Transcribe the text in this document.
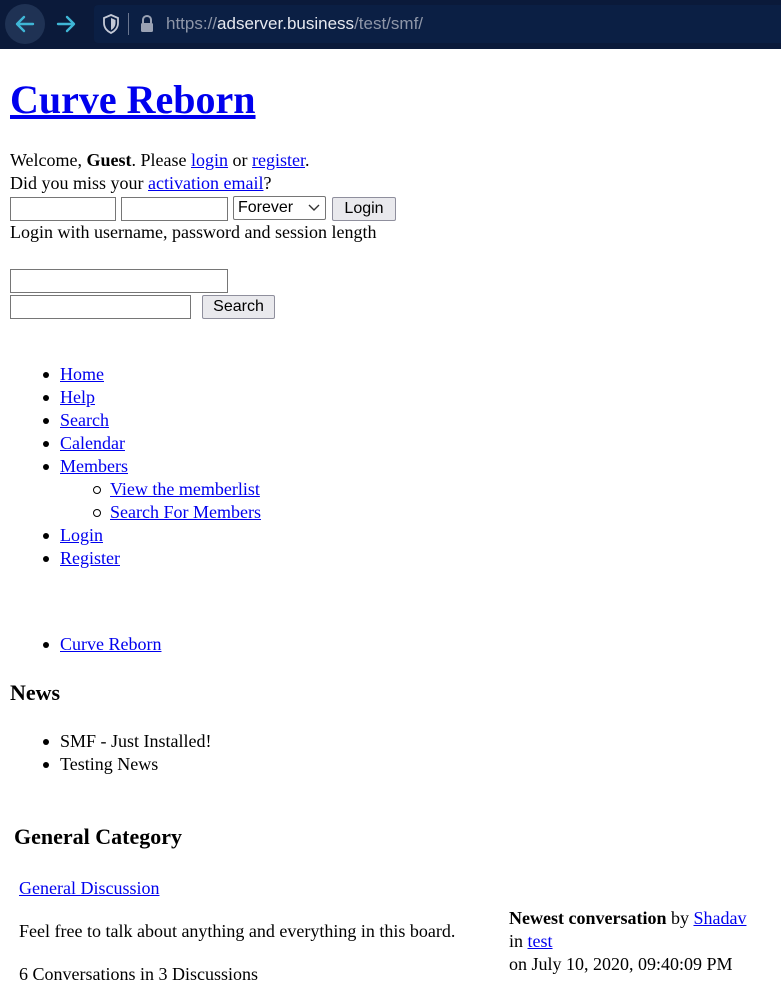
https://adserver.business/test/smf/
Curve Reborn
Welcome, Guest. Please login or register.
Did you miss your activation email?
Forever	Login
Login with username, password and session length
Search
Home
Help
Search
Calendar
Members
View the memberlist
Search For Members
Login
Register
Curve Reborn
News
SMF - Just Installed!
Testing News
General Category
General Discussion
Feel free to talk about anything and everything in this board.
6 Conversations in 3 Discussions
Newest conversation by Shadav
in test
on July 10, 2020, 09:40:09 PM
